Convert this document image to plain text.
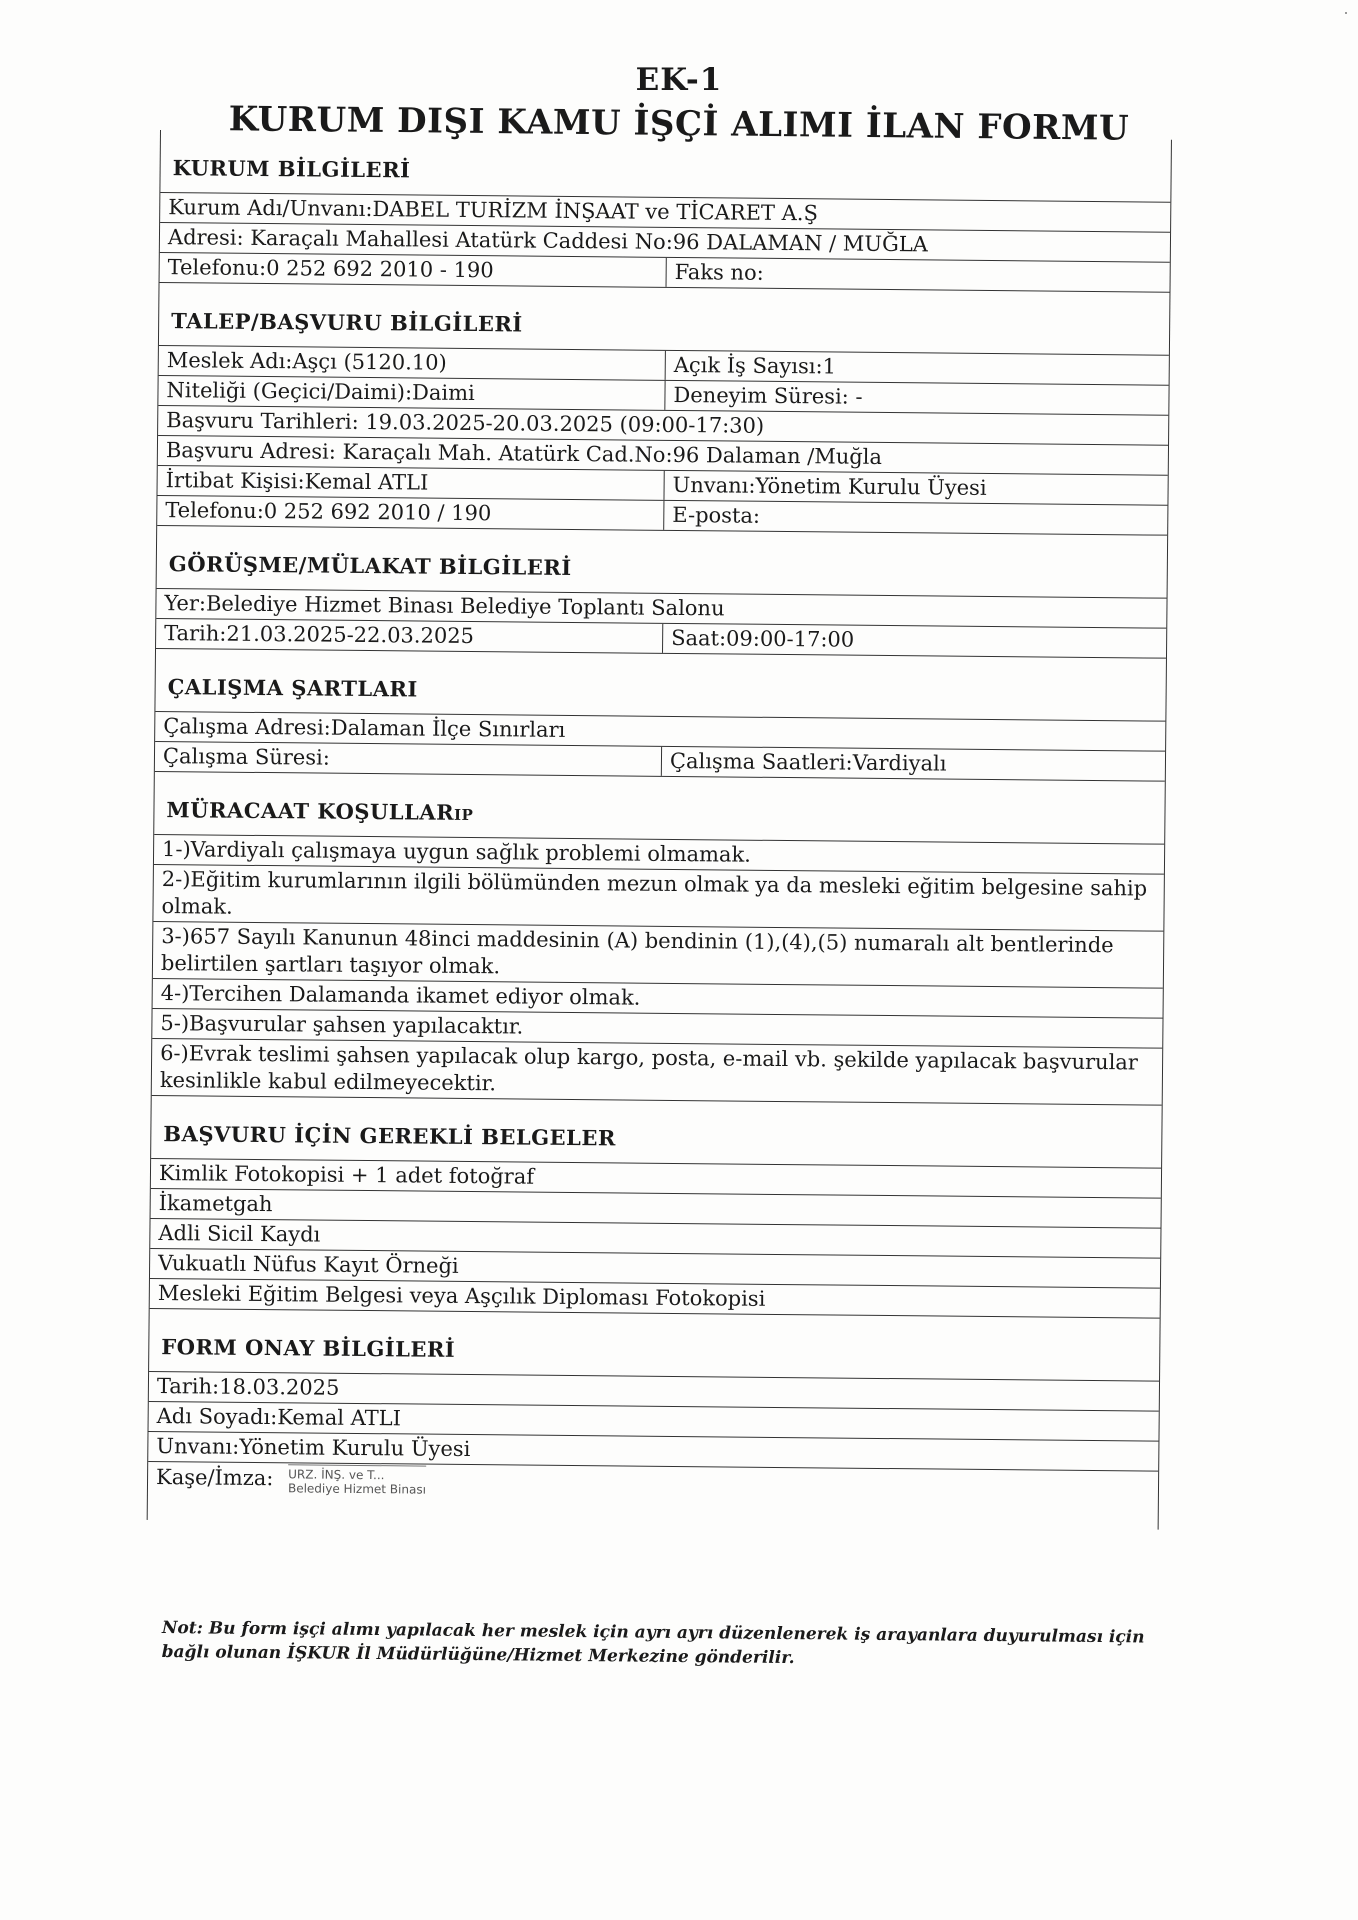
EK-1
KURUM DIŞI KAMU İŞÇİ ALIMI İLAN FORMU
KURUM BİLGİLERİ
Kurum Adı/Unvanı:DABEL TURİZM İNŞAAT ve TİCARET A.Ş
Adresi: Karaçalı Mahallesi Atatürk Caddesi No:96 DALAMAN / MUĞLA
Telefonu:0 252 692 2010 - 190	Faks no:
TALEP/BAŞVURU BİLGİLERİ
Meslek Adı:Aşçı (5120.10)	Açık İş Sayısı:1
Niteliği (Geçici/Daimi):Daimi	Deneyim Süresi: -
Başvuru Tarihleri: 19.03.2025-20.03.2025 (09:00-17:30)
Başvuru Adresi: Karaçalı Mah. Atatürk Cad.No:96 Dalaman /Muğla
İrtibat Kişisi:Kemal ATLI	Unvanı:Yönetim Kurulu Üyesi
Telefonu:0 252 692 2010 / 190	E-posta:
GÖRÜŞME/MÜLAKAT BİLGİLERİ
Yer:Belediye Hizmet Binası Belediye Toplantı Salonu
Tarih:21.03.2025-22.03.2025	Saat:09:00-17:00
ÇALIŞMA ŞARTLARI
Çalışma Adresi:Dalaman İlçe Sınırları
Çalışma Süresi:	Çalışma Saatleri:Vardiyalı
MÜRACAAT KOŞULLARıp
1-)Vardiyalı çalışmaya uygun sağlık problemi olmamak.
2-)Eğitim kurumlarının ilgili bölümünden mezun olmak ya da mesleki eğitim belgesine sahip olmak.
3-)657 Sayılı Kanunun 48inci maddesinin (A) bendinin (1),(4),(5) numaralı alt bentlerinde belirtilen şartları taşıyor olmak.
4-)Tercihen Dalamanda ikamet ediyor olmak.
5-)Başvurular şahsen yapılacaktır.
6-)Evrak teslimi şahsen yapılacak olup kargo, posta, e-mail vb. şekilde yapılacak başvurular kesinlikle kabul edilmeyecektir.
BAŞVURU İÇİN GEREKLİ BELGELER
Kimlik Fotokopisi + 1 adet fotoğraf
İkametgah
Adli Sicil Kaydı
Vukuatlı Nüfus Kayıt Örneği
Mesleki Eğitim Belgesi veya Aşçılık Diploması Fotokopisi
FORM ONAY BİLGİLERİ
Tarih:18.03.2025
Adı Soyadı:Kemal ATLI
Unvanı:Yönetim Kurulu Üyesi
Kaşe/İmza: URZ. İNŞ. ve T...
Belediye Hizmet Binası
Not: Bu form işçi alımı yapılacak her meslek için ayrı ayrı düzenlenerek iş arayanlara duyurulması için bağlı olunan İŞKUR İl Müdürlüğüne/Hizmet Merkezine gönderilir.
